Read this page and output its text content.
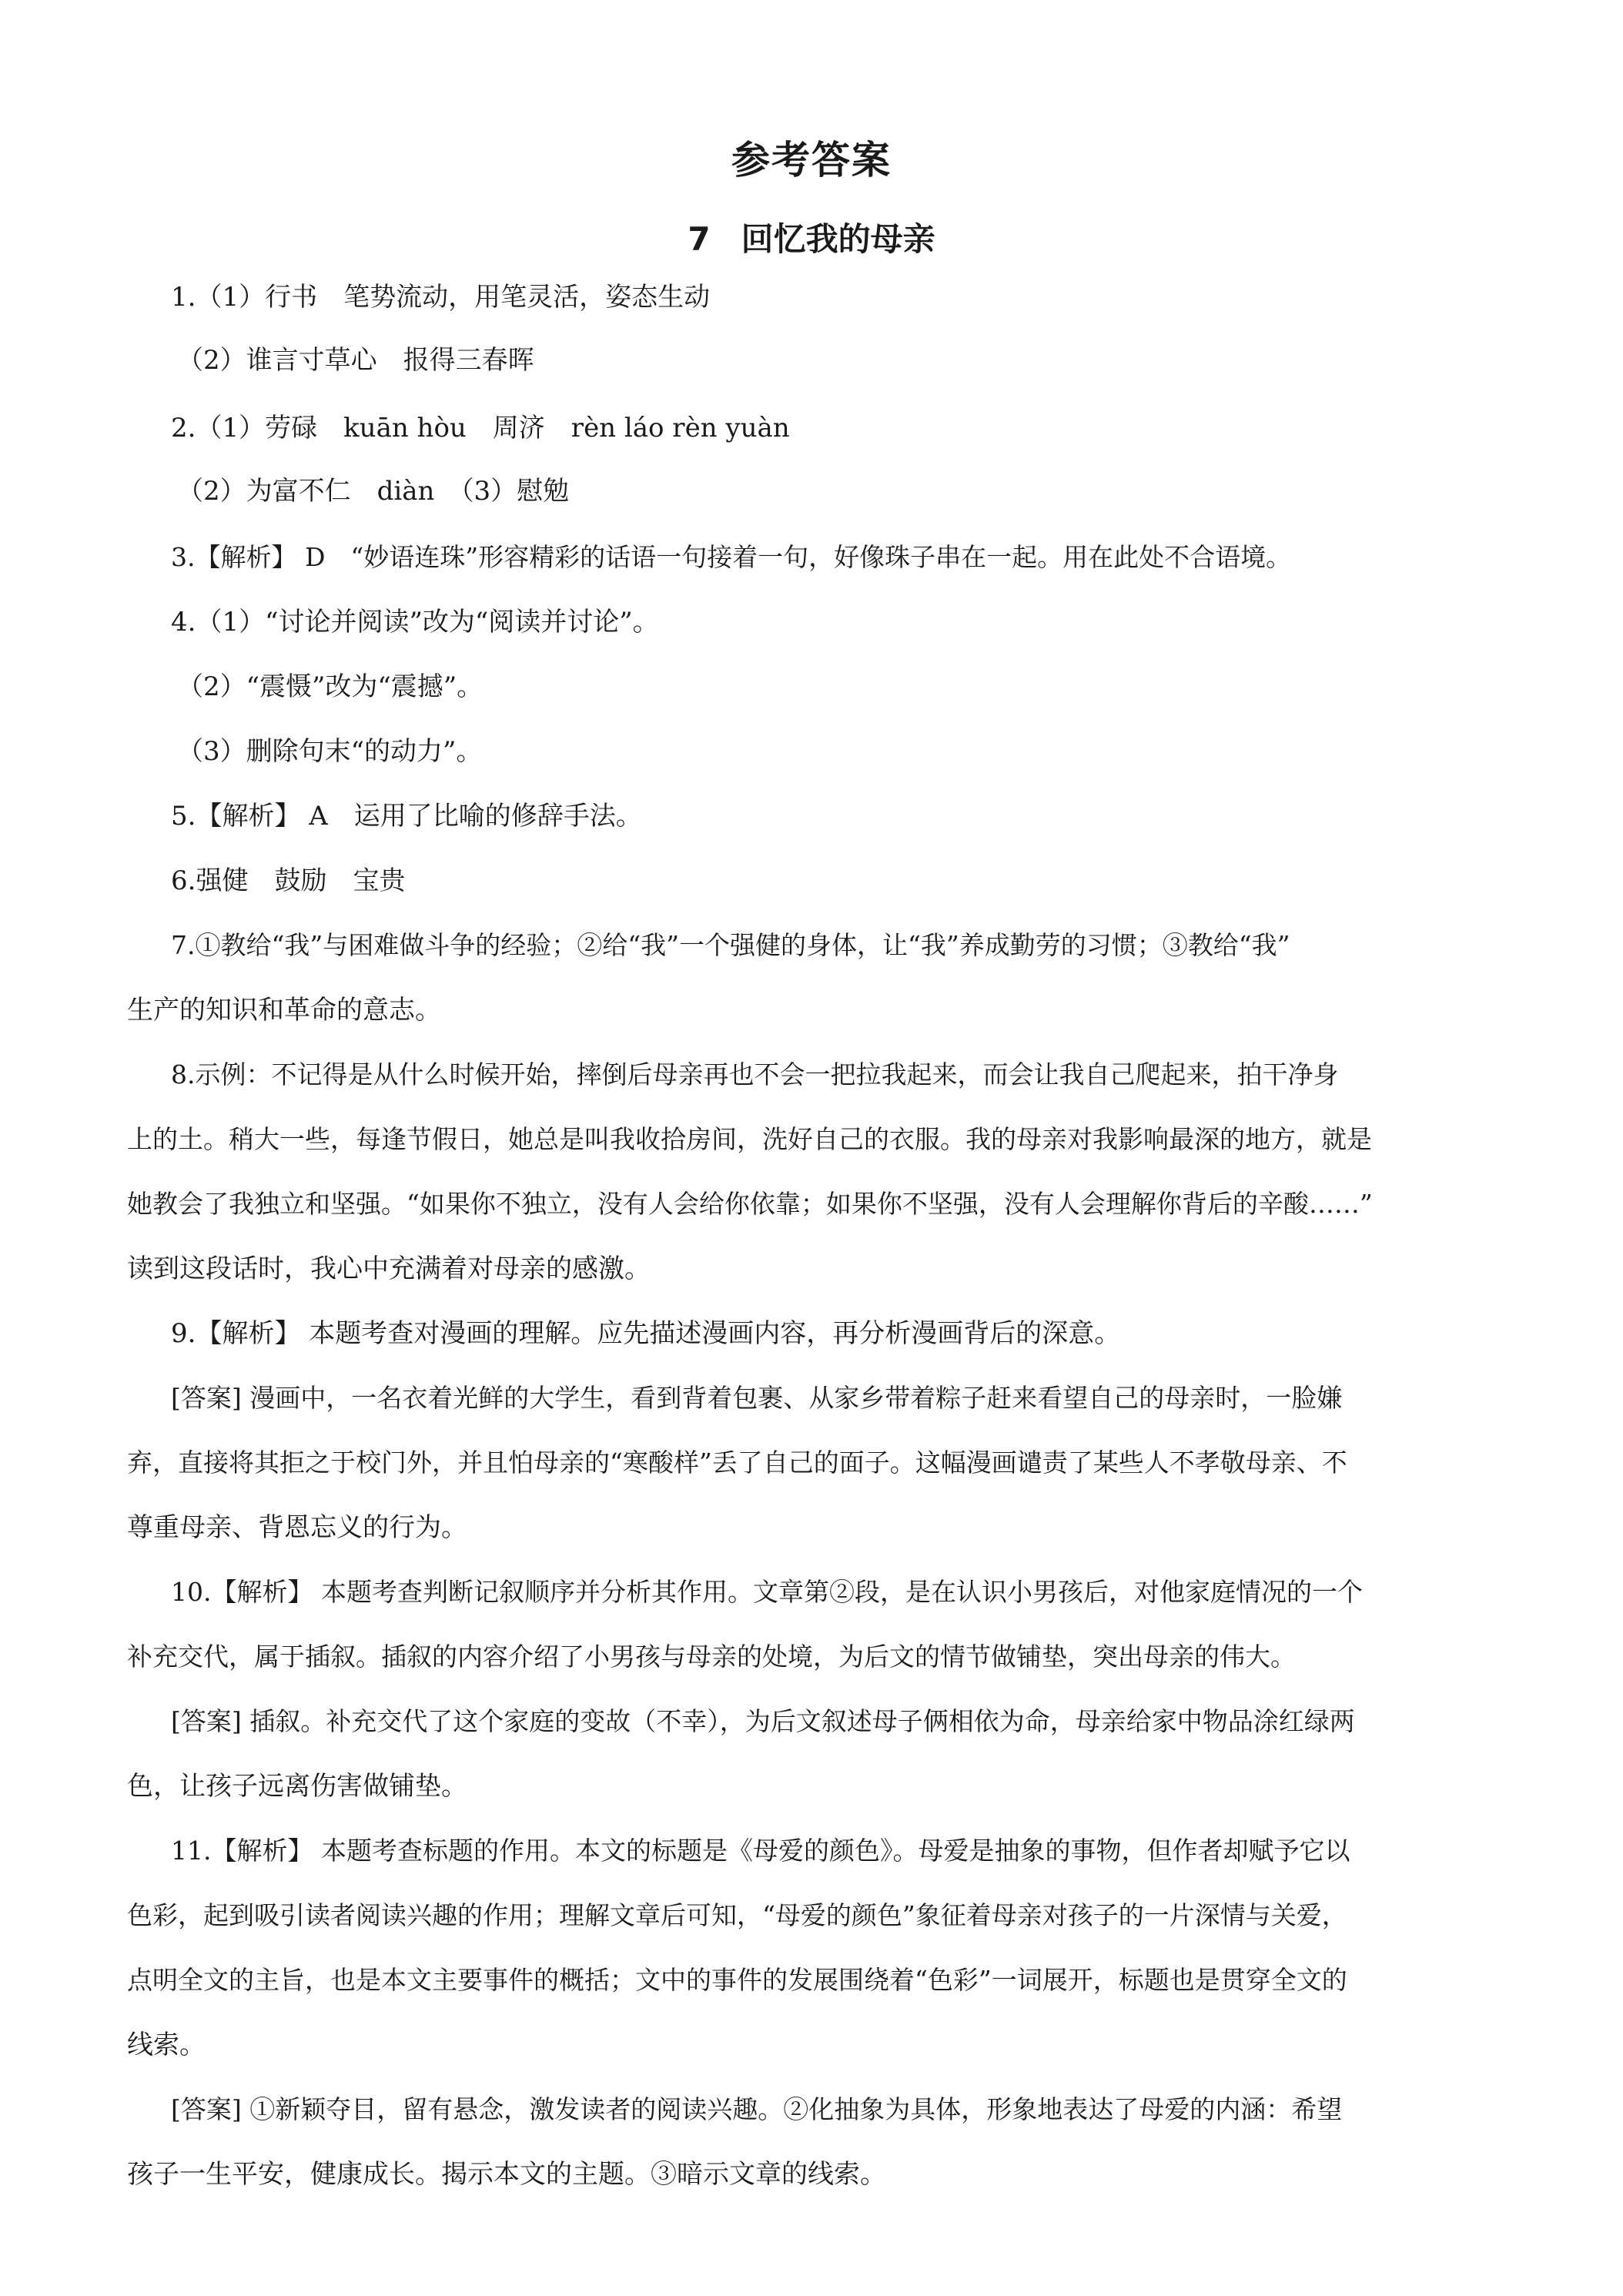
参考答案
7 回忆我的母亲
1.（1）行书　笔势流动，用笔灵活，姿态生动
（2）谁言寸草心　报得三春晖
2.（1）劳碌　kuān hòu　周济　rèn láo rèn yuàn
（2）为富不仁　diàn　（3）慰勉
3.【解析】 D　“妙语连珠”形容精彩的话语一句接着一句，好像珠子串在一起。用在此处不合语境。
4.（1）“讨论并阅读”改为“阅读并讨论”。
（2）“震慑”改为“震撼”。
（3）删除句末“的动力”。
5.【解析】 A　运用了比喻的修辞手法。
6.强健　鼓励　宝贵
7.①教给“我”与困难做斗争的经验；②给“我”一个强健的身体，让“我”养成勤劳的习惯；③教给“我”
生产的知识和革命的意志。
8.示例：不记得是从什么时候开始，摔倒后母亲再也不会一把拉我起来，而会让我自己爬起来，拍干净身
上的土。稍大一些，每逢节假日，她总是叫我收拾房间，洗好自己的衣服。我的母亲对我影响最深的地方，就是
她教会了我独立和坚强。“如果你不独立，没有人会给你依靠；如果你不坚强，没有人会理解你背后的辛酸……”
读到这段话时，我心中充满着对母亲的感激。
9.【解析】 本题考查对漫画的理解。应先描述漫画内容，再分析漫画背后的深意。
[答案] 漫画中，一名衣着光鲜的大学生，看到背着包裹、从家乡带着粽子赶来看望自己的母亲时，一脸嫌
弃，直接将其拒之于校门外，并且怕母亲的“寒酸样”丢了自己的面子。这幅漫画谴责了某些人不孝敬母亲、不
尊重母亲、背恩忘义的行为。
10.【解析】 本题考查判断记叙顺序并分析其作用。文章第②段，是在认识小男孩后，对他家庭情况的一个
补充交代，属于插叙。插叙的内容介绍了小男孩与母亲的处境，为后文的情节做铺垫，突出母亲的伟大。
[答案] 插叙。补充交代了这个家庭的变故（不幸），为后文叙述母子俩相依为命，母亲给家中物品涂红绿两
色，让孩子远离伤害做铺垫。
11.【解析】 本题考查标题的作用。本文的标题是《母爱的颜色》。母爱是抽象的事物，但作者却赋予它以
色彩，起到吸引读者阅读兴趣的作用；理解文章后可知，“母爱的颜色”象征着母亲对孩子的一片深情与关爱，
点明全文的主旨，也是本文主要事件的概括；文中的事件的发展围绕着“色彩”一词展开，标题也是贯穿全文的
线索。
[答案] ①新颖夺目，留有悬念，激发读者的阅读兴趣。②化抽象为具体，形象地表达了母爱的内涵：希望
孩子一生平安，健康成长。揭示本文的主题。③暗示文章的线索。
